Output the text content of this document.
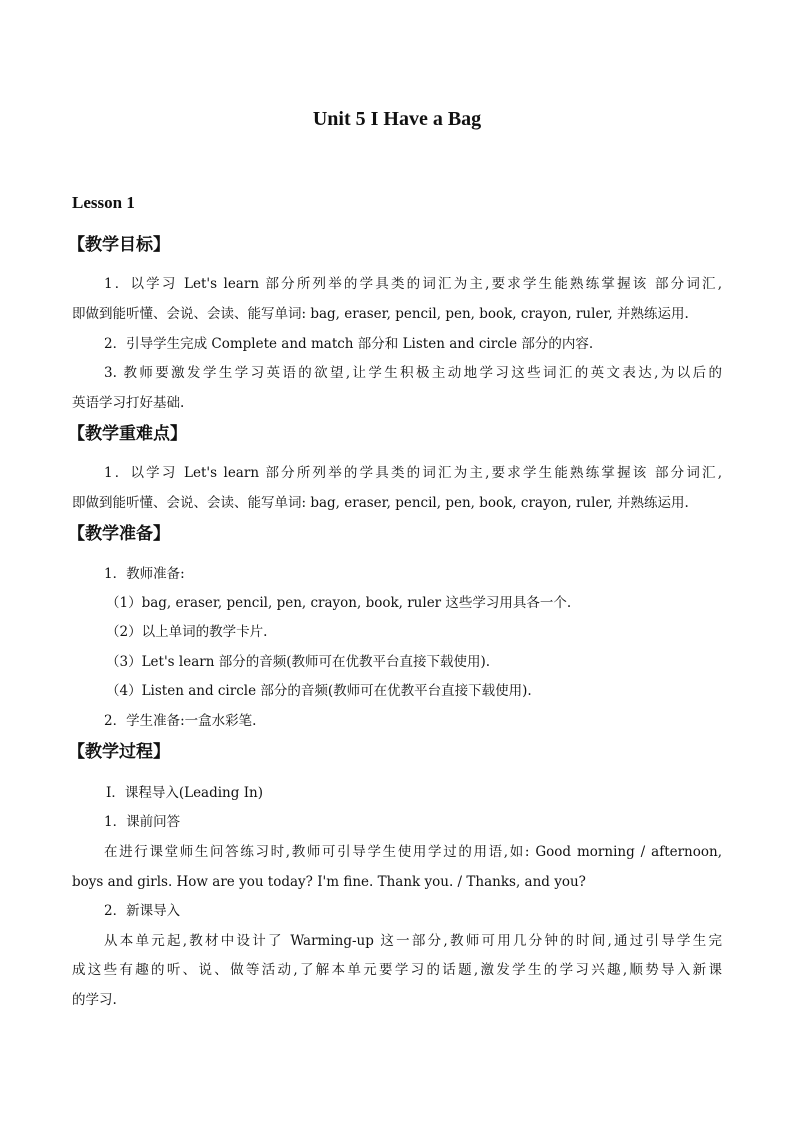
Unit 5 I Have a Bag
Lesson 1
【教学目标】

1．以学习 Let's learn 部分所列举的学具类的词汇为主,要求学生能熟练掌握该 部分词汇,

即做到能听懂、会说、会读、能写单词: bag, eraser, pencil, pen, book, crayon, ruler, 并熟练运用.

2．引导学生完成 Complete and match 部分和 Listen and circle 部分的内容.

3. 教师要激发学生学习英语的欲望,让学生积极主动地学习这些词汇的英文表达,为以后的

英语学习打好基础.

【教学重难点】

1．以学习 Let's learn 部分所列举的学具类的词汇为主,要求学生能熟练掌握该 部分词汇,

即做到能听懂、会说、会读、能写单词: bag, eraser, pencil, pen, book, crayon, ruler, 并熟练运用.

【教学准备】

1．教师准备:

（1）bag, eraser, pencil, pen, crayon, book, ruler 这些学习用具各一个.

（2）以上单词的教学卡片.

（3）Let's learn 部分的音频(教师可在优教平台直接下载使用).

（4）Listen and circle 部分的音频(教师可在优教平台直接下载使用).

2．学生准备:一盒水彩笔.

【教学过程】

Ⅰ．课程导入(Leading In)

1．课前问答

在进行课堂师生问答练习时,教师可引导学生使用学过的用语,如: Good morning / afternoon,

boys and girls. How are you today? I'm fine. Thank you. / Thanks, and you?

2．新课导入

从本单元起,教材中设计了 Warming-up 这一部分,教师可用几分钟的时间,通过引导学生完

成这些有趣的听、说、做等活动,了解本单元要学习的话题,激发学生的学习兴趣,顺势导入新课

的学习.
